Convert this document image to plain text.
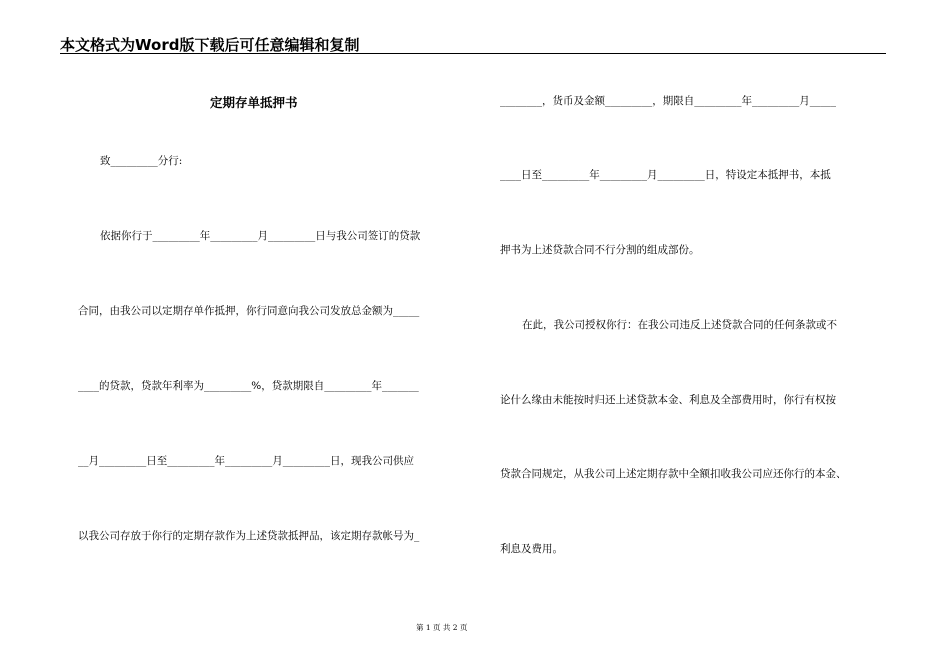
本文格式为Word版下载后可任意编辑和复制
定期存单抵押书
致_________分行:
依据你行于_________年_________月_________日与我公司签订的贷款
合同，由我公司以定期存单作抵押，你行同意向我公司发放总金额为_____
____的贷款，贷款年利率为_________%，贷款期限自_________年_______
__月_________日至_________年_________月_________日，现我公司供应
以我公司存放于你行的定期存款作为上述贷款抵押品，该定期存款帐号为_
________，货币及金额_________，期限自_________年_________月_____
____日至_________年_________月_________日，特设定本抵押书，本抵
押书为上述贷款合同不行分割的组成部份。
在此，我公司授权你行：在我公司违反上述贷款合同的任何条款或不
论什么缘由未能按时归还上述贷款本金、利息及全部费用时，你行有权按
贷款合同规定，从我公司上述定期存款中全额扣收我公司应还你行的本金、
利息及费用。
第 1 页 共 2 页
